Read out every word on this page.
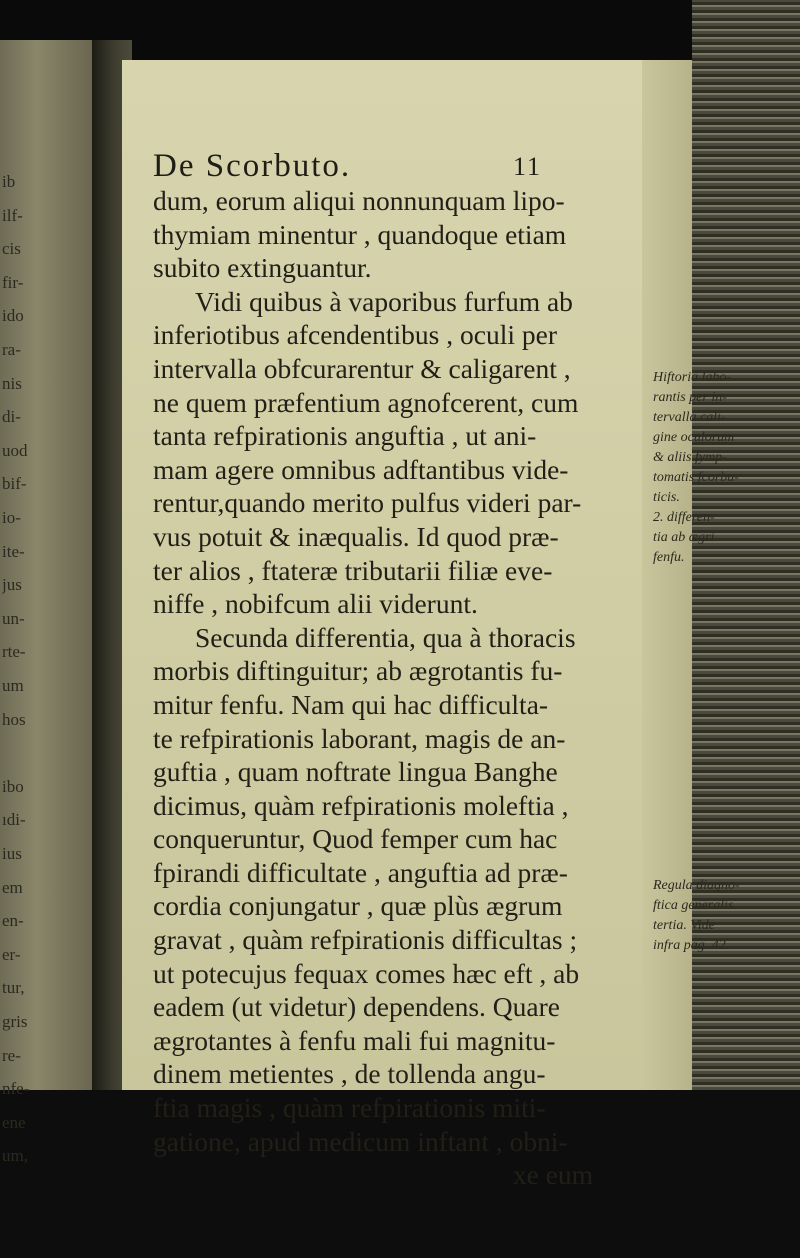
ib
ilf-
cis
fir-
ido
ra-
nis
di-
uod
bif-
io-
ite-
jus
un-
rte-
um
hos
ibo
ıdi-
ius
em
en-
er-
tur,
gris
re-
nfe-
ene
um,
De Scorbuto.	11
dum, eorum aliqui nonnunquam lipo-
thymiam minentur , quandoque etiam
subito extinguantur.
Vidi quibus à vaporibus furfum ab
inferiotibus afcendentibus , oculi per
intervalla obfcurarentur & caligarent ,
ne quem præfentium agnofcerent, cum
tanta refpirationis anguftia , ut ani-
mam agere omnibus adftantibus vide-
rentur,quando merito pulfus videri par-
vus potuit & inæqualis. Id quod præ-
ter alios , ftateræ tributarii filiæ eve-
niffe , nobifcum alii viderunt.
Secunda differentia, qua à thoracis
morbis diftinguitur; ab ægrotantis fu-
mitur fenfu. Nam qui hac difficulta-
te refpirationis laborant, magis de an-
guftia , quam noftrate lingua Banghe
dicimus, quàm refpirationis moleftia ,
conqueruntur, Quod femper cum hac
fpirandi difficultate , anguftia ad præ-
cordia conjungatur , quæ plùs ægrum
gravat , quàm refpirationis difficultas ;
ut potecujus fequax comes hæc eft , ab
eadem (ut videtur) dependens. Quare
ægrotantes à fenfu mali fui magnitu-
dinem metientes , de tollenda angu-
ftia magis , quàm refpirationis miti-
gatione, apud medicum inftant , obni-
xe eum
Hiftoria labo-
rantis per in-
tervalla cali-
gine oculorum
& aliis fymp-
tomatis fcorbu-
ticis.
2. differen-
tia ab ægri
fenfu.
Regula diagno-
ftica generalis
tertia. Vide
infra pag. 42.
